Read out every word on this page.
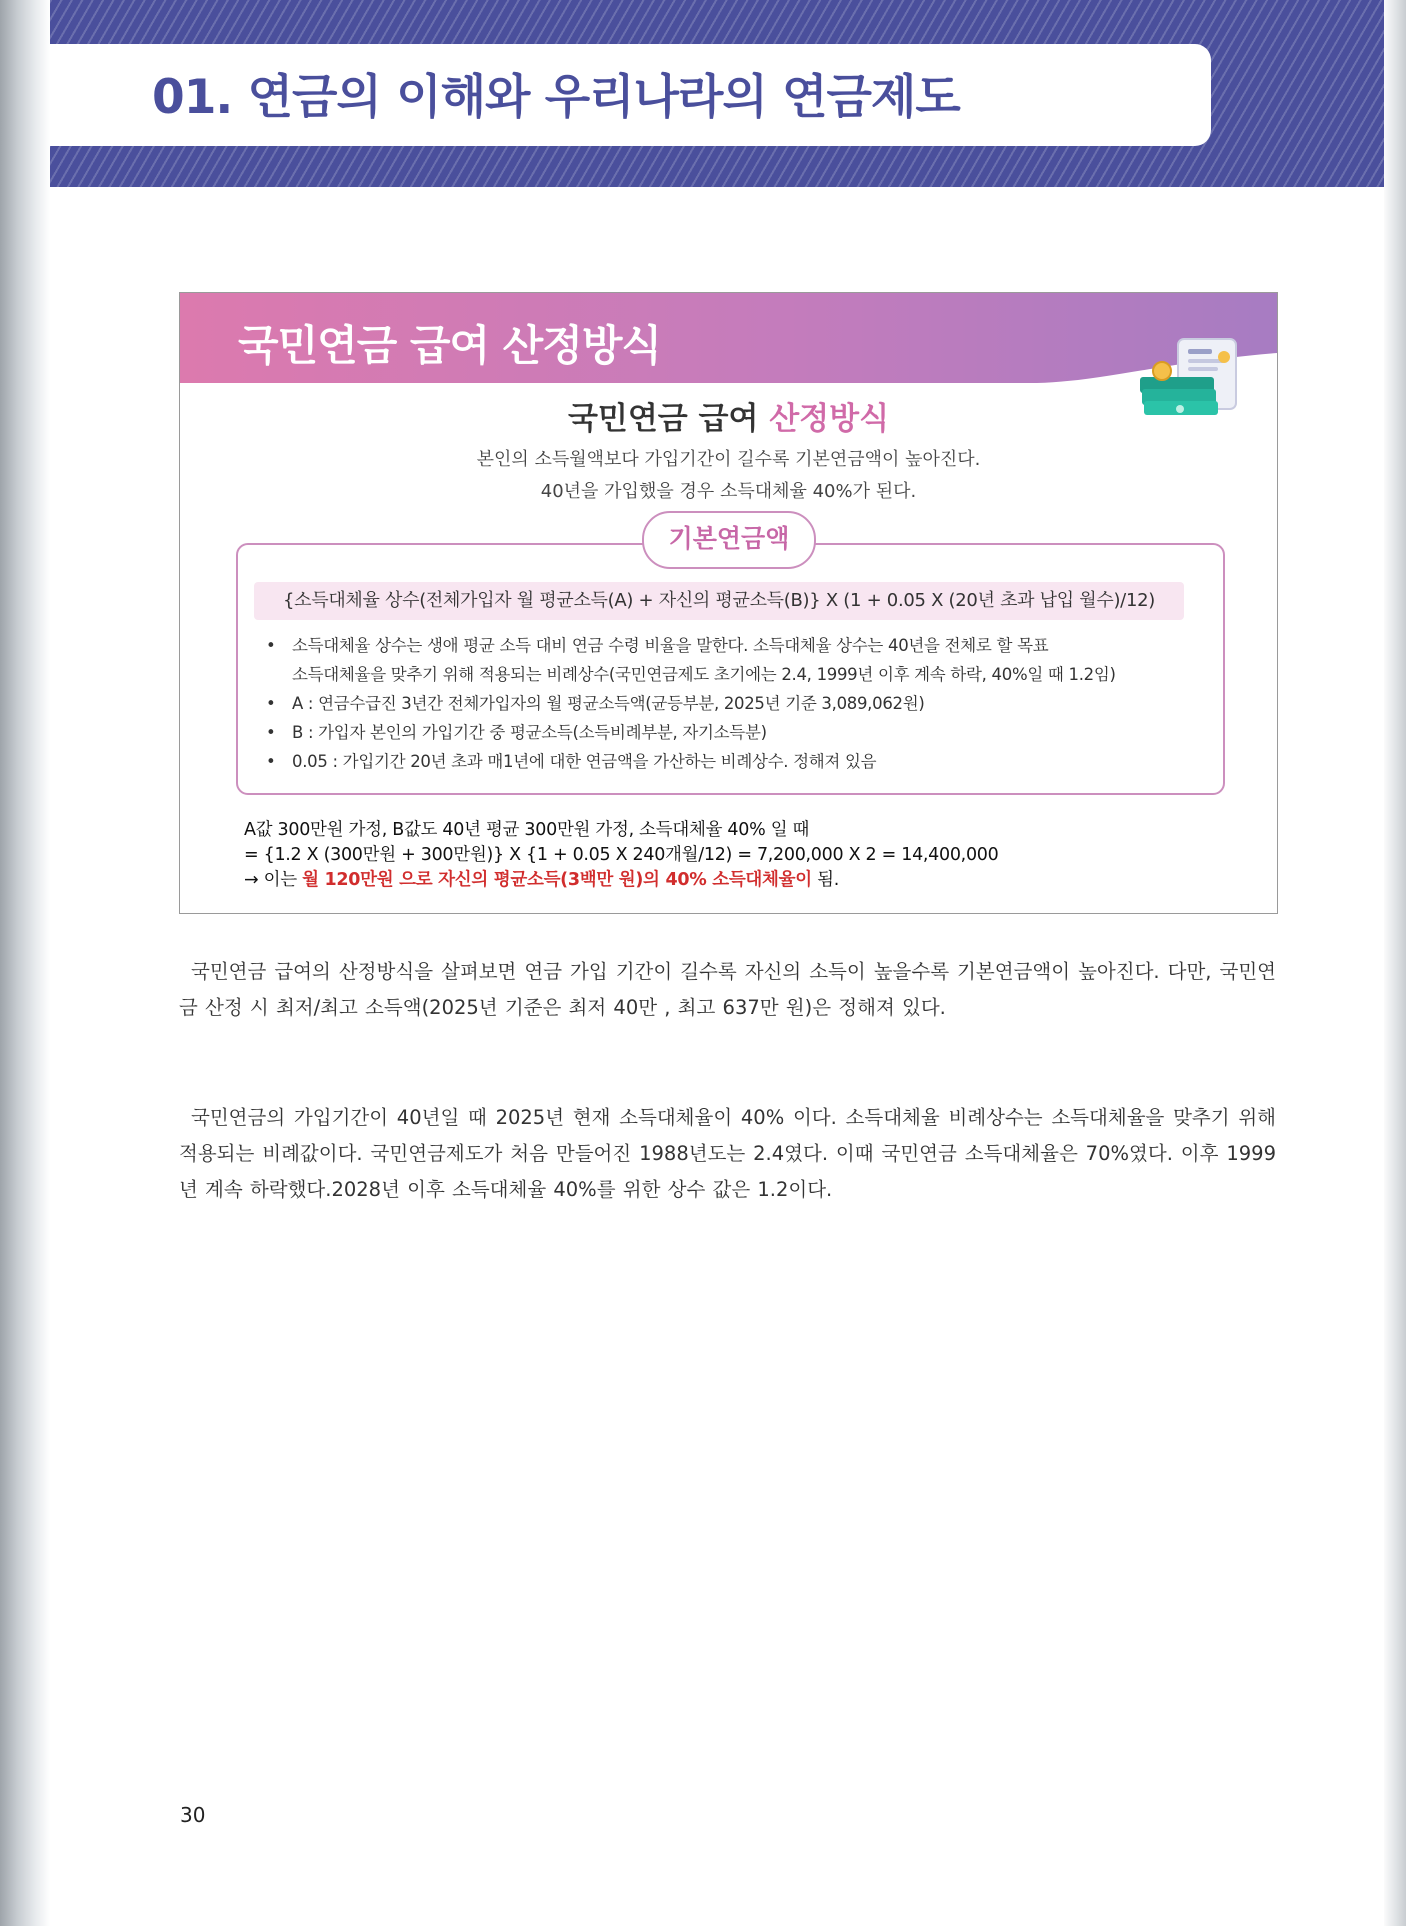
01. 연금의 이해와 우리나라의 연금제도
국민연금 급여 산정방식
국민연금 급여 산정방식
본인의 소득월액보다 가입기간이 길수록 기본연금액이 높아진다.
40년을 가입했을 경우 소득대체율 40%가 된다.
기본연금액
{소득대체율 상수(전체가입자 월 평균소득(A) + 자신의 평균소득(B)} X (1 + 0.05 X (20년 초과 납입 월수)/12)
• 소득대체율 상수는 생애 평균 소득 대비 연금 수령 비율을 말한다. 소득대체율 상수는 40년을 전체로 할 목표
소득대체율을 맞추기 위해 적용되는 비례상수(국민연금제도 초기에는 2.4, 1999년 이후 계속 하락, 40%일 때 1.2임)
• A : 연금수급진 3년간 전체가입자의 월 평균소득액(균등부분, 2025년 기준 3,089,062원)
• B : 가입자 본인의 가입기간 중 평균소득(소득비례부분, 자기소득분)
• 0.05 : 가입기간 20년 초과 매1년에 대한 연금액을 가산하는 비례상수. 정해져 있음
A값 300만원 가정, B값도 40년 평균 300만원 가정, 소득대체율 40% 일 때
= {1.2 X (300만원 + 300만원)} X {1 + 0.05 X 240개월/12) = 7,200,000 X 2 = 14,400,000
→ 이는 월 120만원 으로 자신의 평균소득(3백만 원)의 40% 소득대체율이 됨.

국민연금 급여의 산정방식을 살펴보면 연금 가입 기간이 길수록 자신의 소득이 높을수록 기본연금액이 높아진다. 다만, 국민연금 산정 시 최저/최고 소득액(2025년 기준은 최저 40만 , 최고 637만 원)은 정해져 있다.

국민연금의 가입기간이 40년일 때 2025년 현재 소득대체율이 40% 이다. 소득대체율 비례상수는 소득대체율을 맞추기 위해 적용되는 비례값이다. 국민연금제도가 처음 만들어진 1988년도는 2.4였다. 이때 국민연금 소득대체율은 70%였다. 이후 1999년 계속 하락했다.2028년 이후 소득대체율 40%를 위한 상수 값은 1.2이다.

30
